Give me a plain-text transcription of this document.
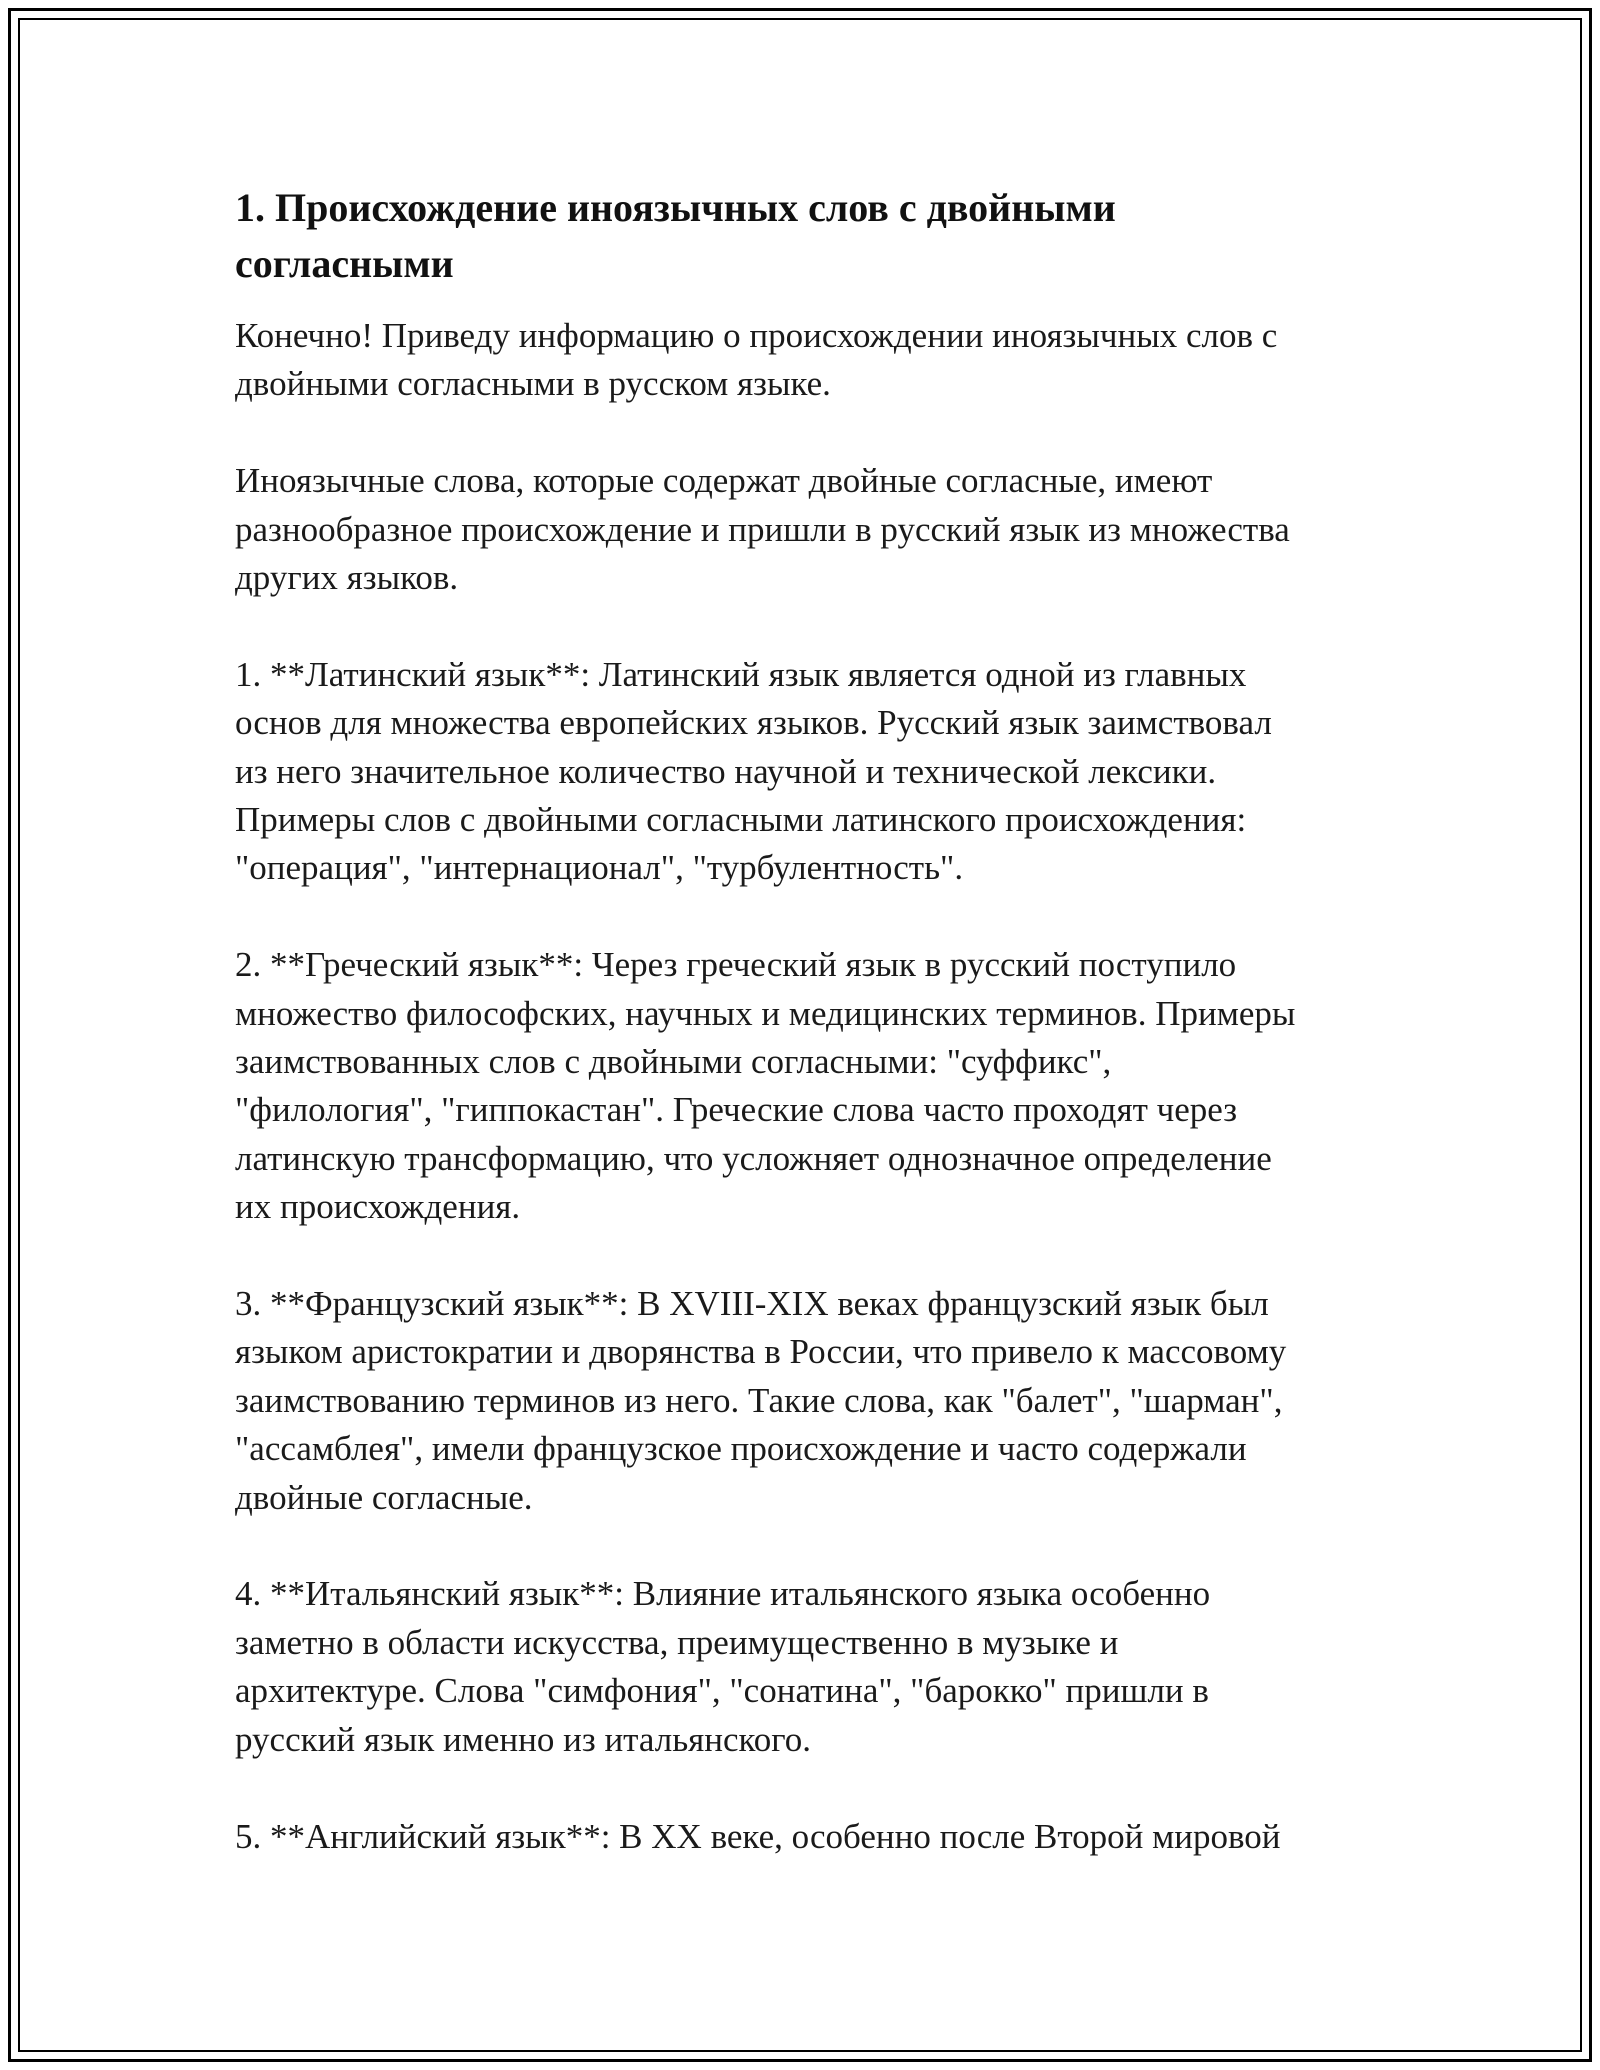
1. Происхождение иноязычных слов с двойными
согласными

Конечно! Приведу информацию о происхождении иноязычных слов с
двойными согласными в русском языке.

Иноязычные слова, которые содержат двойные согласные, имеют
разнообразное происхождение и пришли в русский язык из множества
других языков.

1. **Латинский язык**: Латинский язык является одной из главных
основ для множества европейских языков. Русский язык заимствовал
из него значительное количество научной и технической лексики.
Примеры слов с двойными согласными латинского происхождения:
"операция", "интернационал", "турбулентность".

2. **Греческий язык**: Через греческий язык в русский поступило
множество философских, научных и медицинских терминов. Примеры
заимствованных слов с двойными согласными: "суффикс",
"филология", "гиппокастан". Греческие слова часто проходят через
латинскую трансформацию, что усложняет однозначное определение
их происхождения.

3. **Французский язык**: В XVIII-XIX веках французский язык был
языком аристократии и дворянства в России, что привело к массовому
заимствованию терминов из него. Такие слова, как "балет", "шарман",
"ассамблея", имели французское происхождение и часто содержали
двойные согласные.

4. **Итальянский язык**: Влияние итальянского языка особенно
заметно в области искусства, преимущественно в музыке и
архитектуре. Слова "симфония", "сонатина", "барокко" пришли в
русский язык именно из итальянского.

5. **Английский язык**: В XX веке, особенно после Второй мировой
